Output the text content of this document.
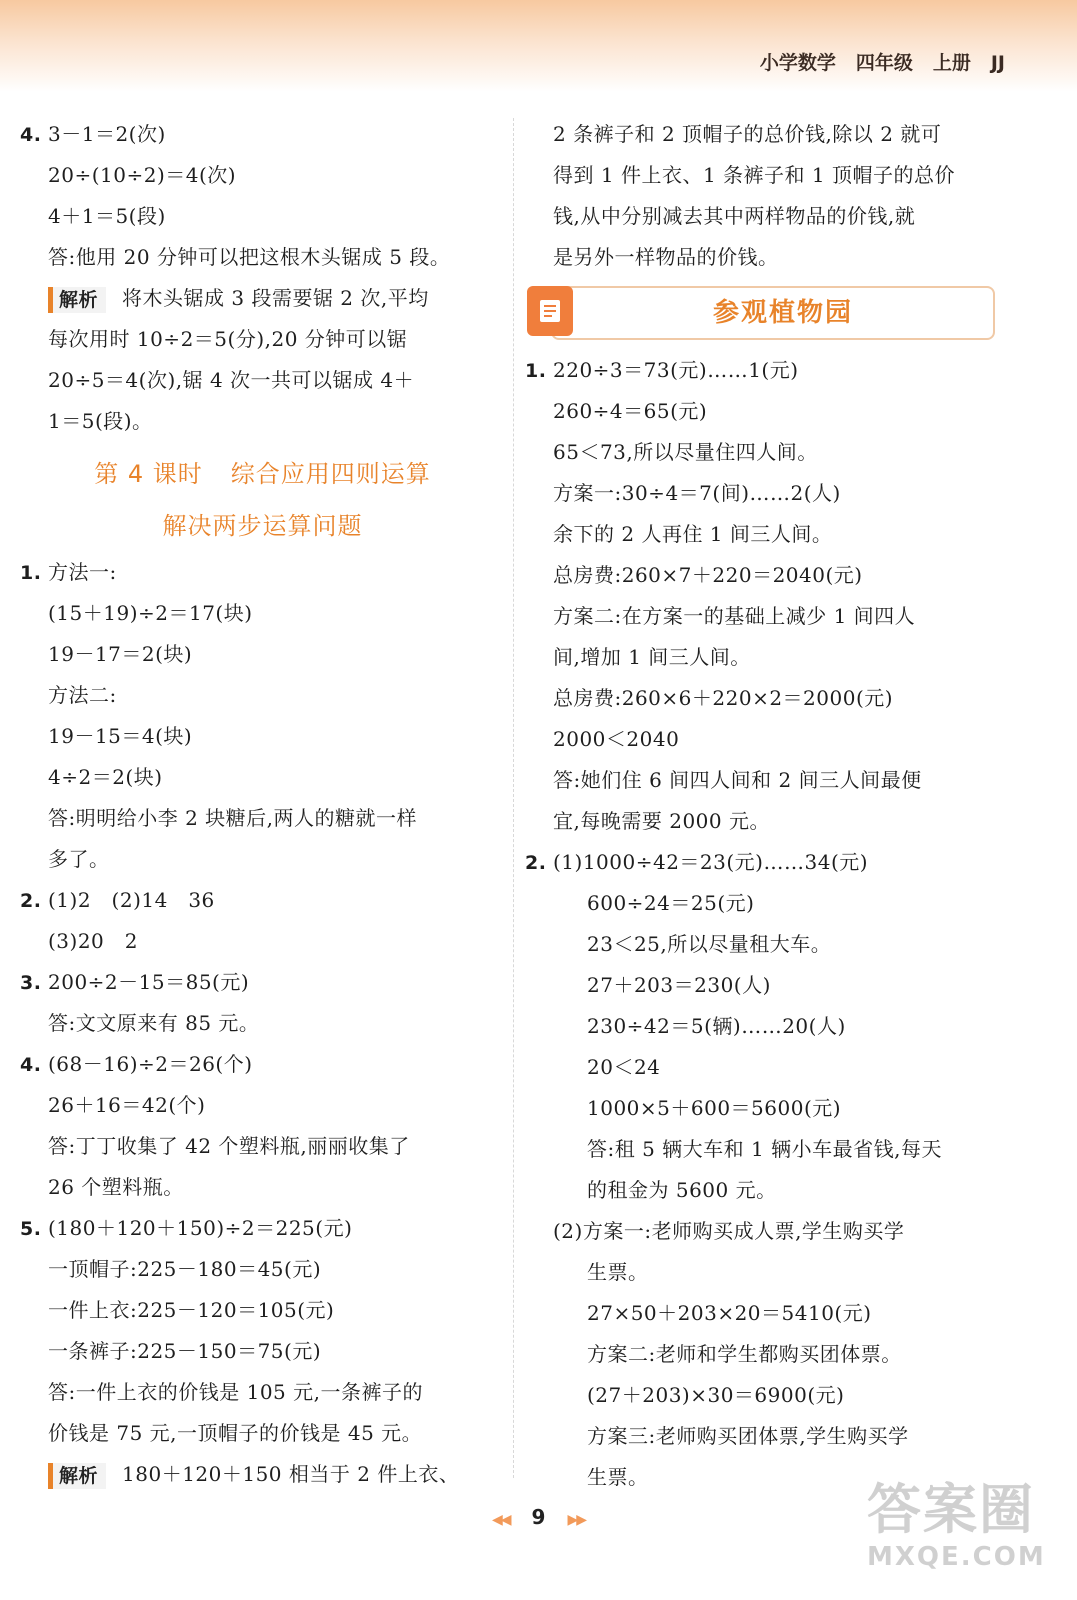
小学数学 四年级 上册 JJ
4. 3－1＝2(次)
20÷(10÷2)＝4(次)
4＋1＝5(段)
答:他用 20 分钟可以把这根木头锯成 5 段。
解析 将木头锯成 3 段需要锯 2 次,平均
每次用时 10÷2＝5(分),20 分钟可以锯
20÷5＝4(次),锯 4 次一共可以锯成 4＋
1＝5(段)。
第 4 课时 综合应用四则运算
解决两步运算问题
1. 方法一:
(15＋19)÷2＝17(块)
19－17＝2(块)
方法二:
19－15＝4(块)
4÷2＝2(块)
答:明明给小李 2 块糖后,两人的糖就一样
多了。
2. (1)2　(2)14　36
(3)20　2
3. 200÷2－15＝85(元)
答:文文原来有 85 元。
4. (68－16)÷2＝26(个)
26＋16＝42(个)
答:丁丁收集了 42 个塑料瓶,丽丽收集了
26 个塑料瓶。
5. (180＋120＋150)÷2＝225(元)
一顶帽子:225－180＝45(元)
一件上衣:225－120＝105(元)
一条裤子:225－150＝75(元)
答:一件上衣的价钱是 105 元,一条裤子的
价钱是 75 元,一顶帽子的价钱是 45 元。
解析 180＋120＋150 相当于 2 件上衣、
2 条裤子和 2 顶帽子的总价钱,除以 2 就可
得到 1 件上衣、1 条裤子和 1 顶帽子的总价
钱,从中分别减去其中两样物品的价钱,就
是另外一样物品的价钱。
参观植物园
1. 220÷3＝73(元)……1(元)
260÷4＝65(元)
65＜73,所以尽量住四人间。
方案一:30÷4＝7(间)……2(人)
余下的 2 人再住 1 间三人间。
总房费:260×7＋220＝2040(元)
方案二:在方案一的基础上减少 1 间四人
间,增加 1 间三人间。
总房费:260×6＋220×2＝2000(元)
2000＜2040
答:她们住 6 间四人间和 2 间三人间最便
宜,每晚需要 2000 元。
2. (1)1000÷42＝23(元)……34(元)
600÷24＝25(元)
23＜25,所以尽量租大车。
27＋203＝230(人)
230÷42＝5(辆)……20(人)
20＜24
1000×5＋600＝5600(元)
答:租 5 辆大车和 1 辆小车最省钱,每天
的租金为 5600 元。
(2)方案一:老师购买成人票,学生购买学
生票。
27×50＋203×20＝5410(元)
方案二:老师和学生都购买团体票。
(27＋203)×30＝6900(元)
方案三:老师购买团体票,学生购买学
生票。
◀◀ 9 ▶▶	答案圈
MXQE.COM
